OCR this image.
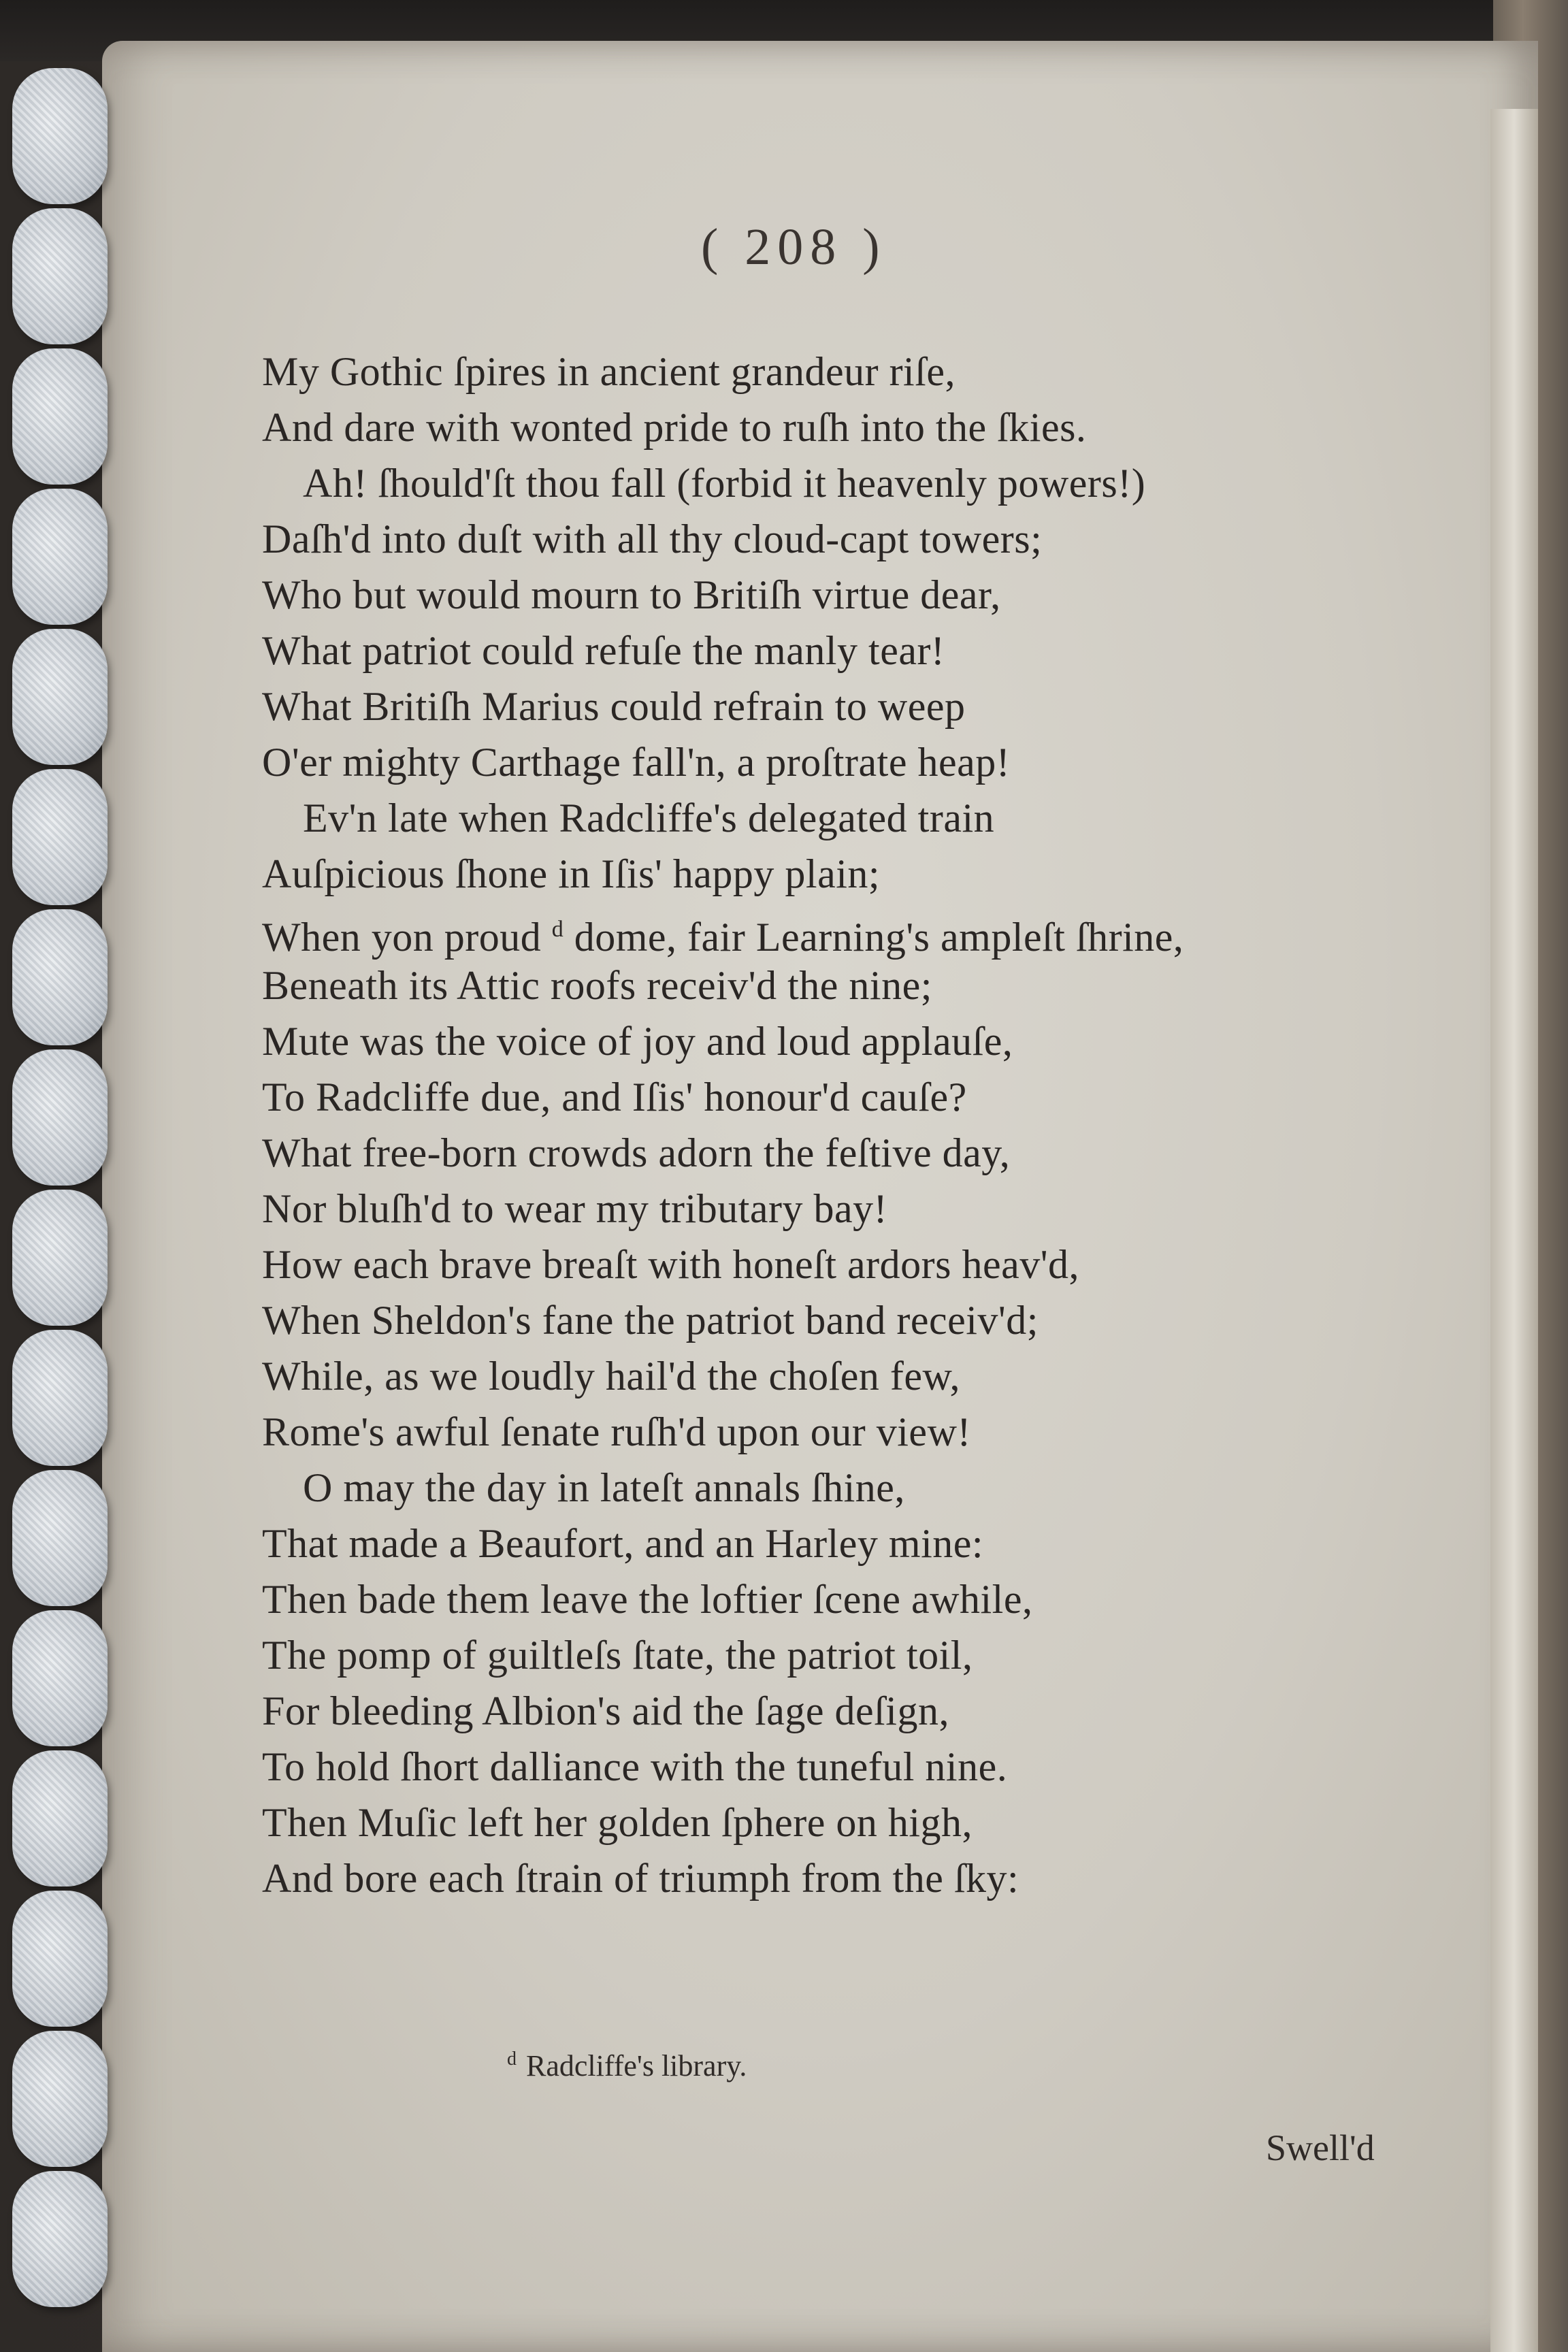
( 208 )
My Gothic ſpires in ancient grandeur riſe,
And dare with wonted pride to ruſh into the ſkies.
Ah! ſhould'ſt thou fall (forbid it heavenly powers!)
Daſh'd into duſt with all thy cloud-capt towers;
Who but would mourn to Britiſh virtue dear,
What patriot could refuſe the manly tear!
What Britiſh Marius could refrain to weep
O'er mighty Carthage fall'n, a proſtrate heap!
Ev'n late when Radcliffe's delegated train
Auſpicious ſhone in Iſis' happy plain;
When yon proud $^d$ dome, fair Learning's ampleſt ſhrine,
Beneath its Attic roofs receiv'd the nine;
Mute was the voice of joy and loud applauſe,
To Radcliffe due, and Iſis' honour'd cauſe?
What free-born crowds adorn the feſtive day,
Nor bluſh'd to wear my tributary bay!
How each brave breaſt with honeſt ardors heav'd,
When Sheldon's fane the patriot band receiv'd;
While, as we loudly hail'd the choſen few,
Rome's awful ſenate ruſh'd upon our view!
O may the day in lateſt annals ſhine,
That made a Beaufort, and an Harley mine:
Then bade them leave the loftier ſcene awhile,
The pomp of guiltleſs ſtate, the patriot toil,
For bleeding Albion's aid the ſage deſign,
To hold ſhort dalliance with the tuneful nine.
Then Muſic left her golden ſphere on high,
And bore each ſtrain of triumph from the ſky:
$^d$ Radcliffe's library.
Swell'd
